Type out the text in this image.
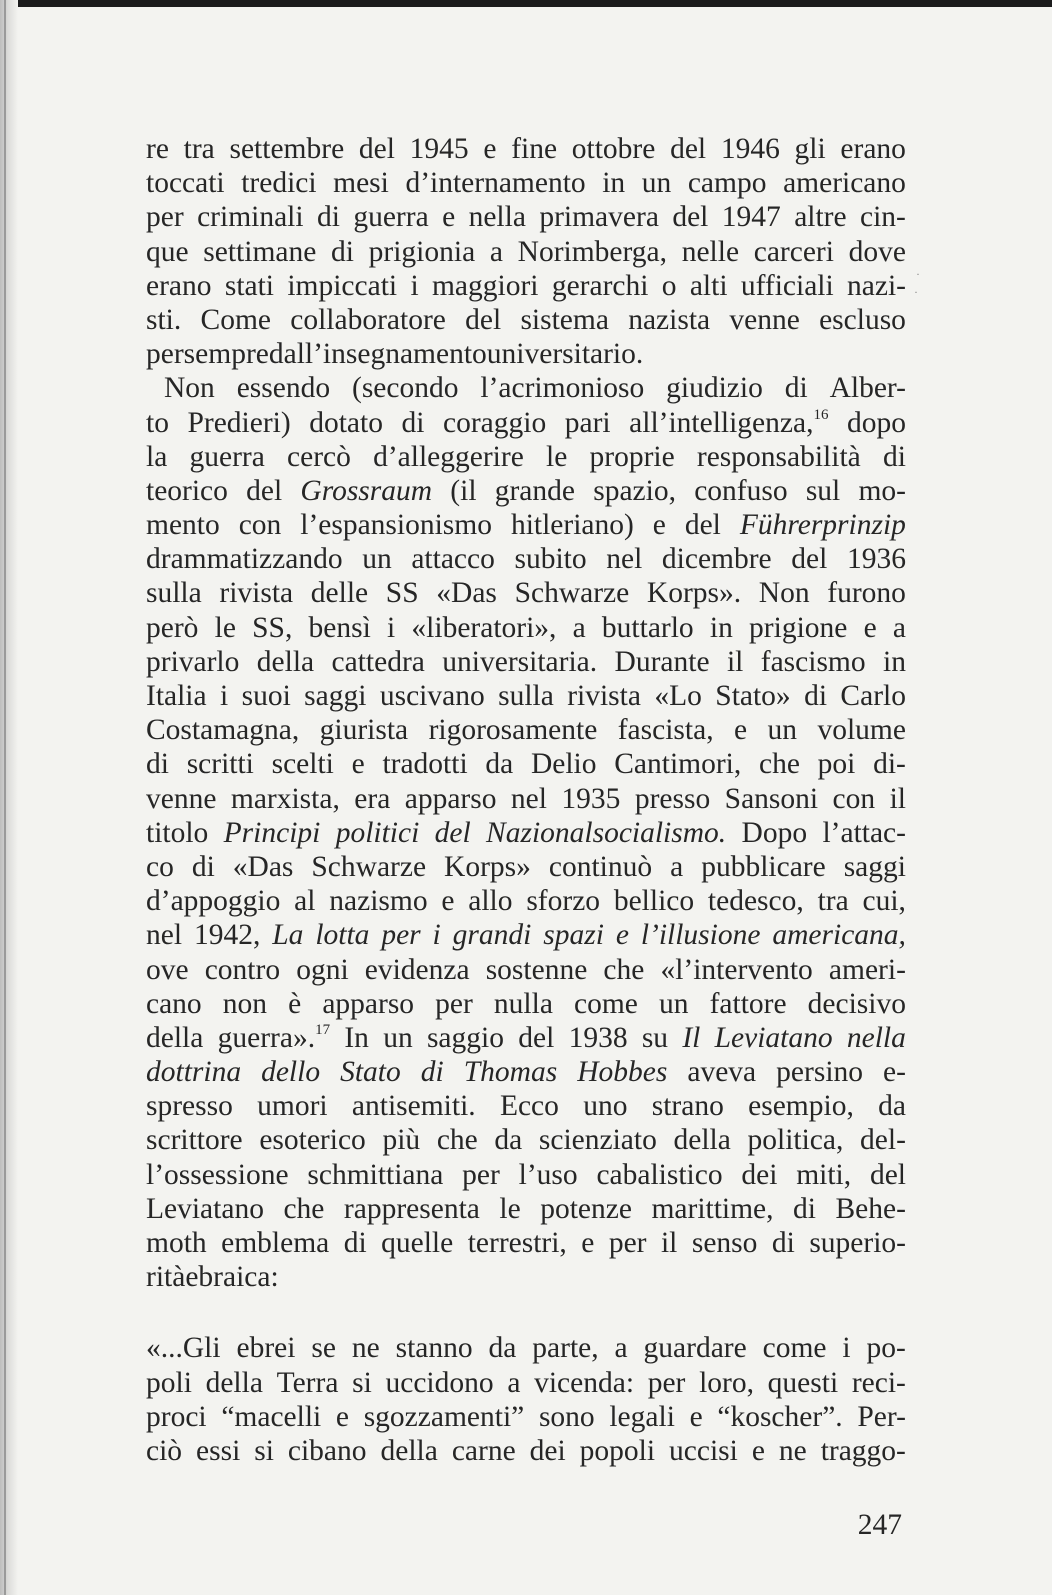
·
·
re tra settembre del 1945 e fine ottobre del 1946 gli erano
toccati tredici mesi d’internamento in un campo americano
per criminali di guerra e nella primavera del 1947 altre cin-
que settimane di prigionia a Norimberga, nelle carceri dove
erano stati impiccati i maggiori gerarchi o alti ufficiali nazi-
sti. Come collaboratore del sistema nazista venne escluso
per sempre dall’insegnamento universitario.
Non essendo (secondo l’acrimonioso giudizio di Alber-
to Predieri) dotato di coraggio pari all’intelligenza,$^{16}$ dopo
la guerra cercò d’alleggerire le proprie responsabilità di
teorico del Grossraum (il grande spazio, confuso sul mo-
mento con l’espansionismo hitleriano) e del Führerprinzip
drammatizzando un attacco subito nel dicembre del 1936
sulla rivista delle SS «Das Schwarze Korps». Non furono
però le SS, bensì i «liberatori», a buttarlo in prigione e a
privarlo della cattedra universitaria. Durante il fascismo in
Italia i suoi saggi uscivano sulla rivista «Lo Stato» di Carlo
Costamagna, giurista rigorosamente fascista, e un volume
di scritti scelti e tradotti da Delio Cantimori, che poi di-
venne marxista, era apparso nel 1935 presso Sansoni con il
titolo Principi politici del Nazionalsocialismo. Dopo l’attac-
co di «Das Schwarze Korps» continuò a pubblicare saggi
d’appoggio al nazismo e allo sforzo bellico tedesco, tra cui,
nel 1942, La lotta per i grandi spazi e l’illusione americana,
ove contro ogni evidenza sostenne che «l’intervento ameri-
cano non è apparso per nulla come un fattore decisivo
della guerra».$^{17}$ In un saggio del 1938 su Il Leviatano nella
dottrina dello Stato di Thomas Hobbes aveva persino e-
spresso umori antisemiti. Ecco uno strano esempio, da
scrittore esoterico più che da scienziato della politica, del-
l’ossessione schmittiana per l’uso cabalistico dei miti, del
Leviatano che rappresenta le potenze marittime, di Behe-
moth emblema di quelle terrestri, e per il senso di superio-
rità ebraica:
«...Gli ebrei se ne stanno da parte, a guardare come i po-
poli della Terra si uccidono a vicenda: per loro, questi reci-
proci “macelli e sgozzamenti” sono legali e “koscher”. Per-
ciò essi si cibano della carne dei popoli uccisi e ne traggo-
247
